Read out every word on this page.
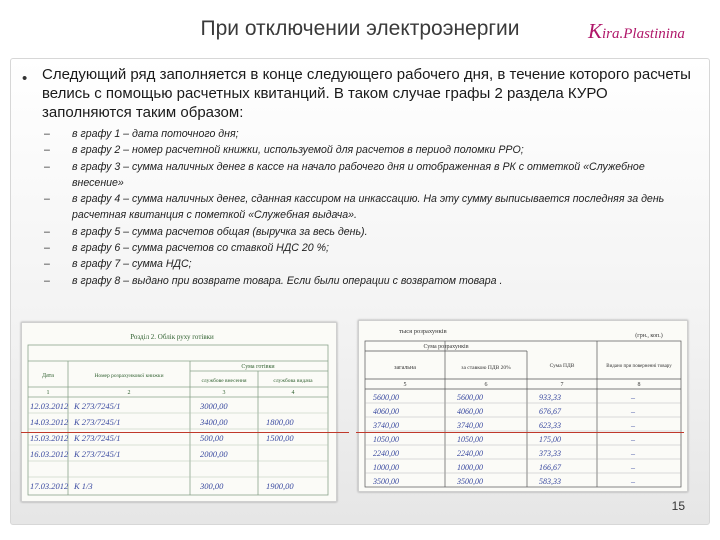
При отключении электроэнергии	K ira.Plastinina
• Следующий ряд заполняется в конце следующего рабочего дня, в течение которого расчеты велись с помощью расчетных квитанций. В таком случае графы 2 раздела КУРО заполняются таким образом:
– в графу 1 – дата поточного дня;
– в графу 2 – номер расчетной книжки, используемой для расчетов в период поломки РРО;
– в графу 3 – сумма наличных денег в кассе на начало рабочего дня и отображенная в РК с отметкой «Служебное внесение»
– в графу 4 – сумма наличных денег, сданная кассиром на инкассацию. На эту сумму выписывается последняя за день расчетная квитанция с пометкой «Служебная выдача».
– в графу 5 – сумма расчетов общая (выручка за весь день).
– в графу 6 – сумма расчетов со ставкой НДС 20 %;
– в графу 7 – сумма НДС;
– в графу 8 – выдано при возврате товара. Если были операции с возвратом товара .
Розділ 2. Облік руху готівки
Сума готівки
Дата	Номер розрахункової книжки
службове внесення	службова видача
1	2	3	4
12.03.2012 К 273/7245/1	3000,00
14.03.2012 К 273/7245/1	3400,00	1800,00
15.03.2012 К 273/7245/1	500,00	1500,00
16.03.2012 К 273/7245/1	2000,00
17.03.2012 К 1/3	300,00	1900,00
тыся розрахунків
(грн., коп.)
Сума розрахунків
загальна	за ставкою ПДВ 20%	Сума ПДВ	Видано при поверненні товару
5	6	7	8
5600,00	5600,00	933,33	–
4060,00	4060,00	676,67	–
3740,00	3740,00	623,33	–
1050,00	1050,00	175,00	–
2240,00	2240,00	373,33	–
1000,00	1000,00	166,67	–
3500,00	3500,00	583,33	–
15
